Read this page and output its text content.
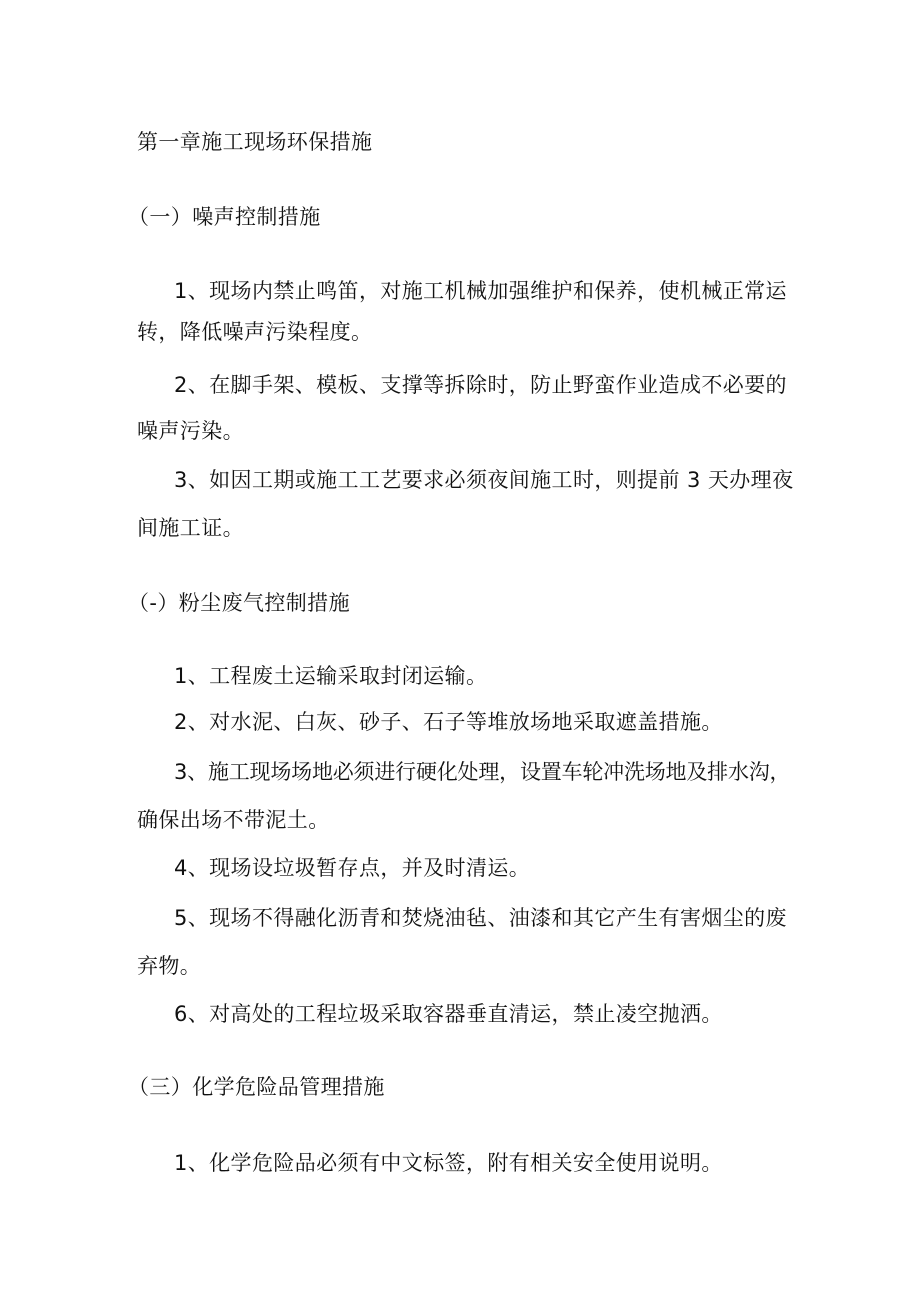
第一章施工现场环保措施
（一）噪声控制措施
1、现场内禁止鸣笛，对施工机械加强维护和保养，使机械正常运
转，降低噪声污染程度。
2、在脚手架、模板、支撑等拆除时，防止野蛮作业造成不必要的
噪声污染。
3、如因工期或施工工艺要求必须夜间施工时，则提前 3 天办理夜
间施工证。
（-）粉尘废气控制措施
1、工程废土运输采取封闭运输。
2、对水泥、白灰、砂子、石子等堆放场地采取遮盖措施。
3、施工现场场地必须进行硬化处理，设置车轮冲洗场地及排水沟，
确保出场不带泥土。
4、现场设垃圾暂存点，并及时清运。
5、现场不得融化沥青和焚烧油毡、油漆和其它产生有害烟尘的废
弃物。
6、对高处的工程垃圾采取容器垂直清运，禁止凌空抛洒。
（三）化学危险品管理措施
1、化学危险品必须有中文标签，附有相关安全使用说明。
